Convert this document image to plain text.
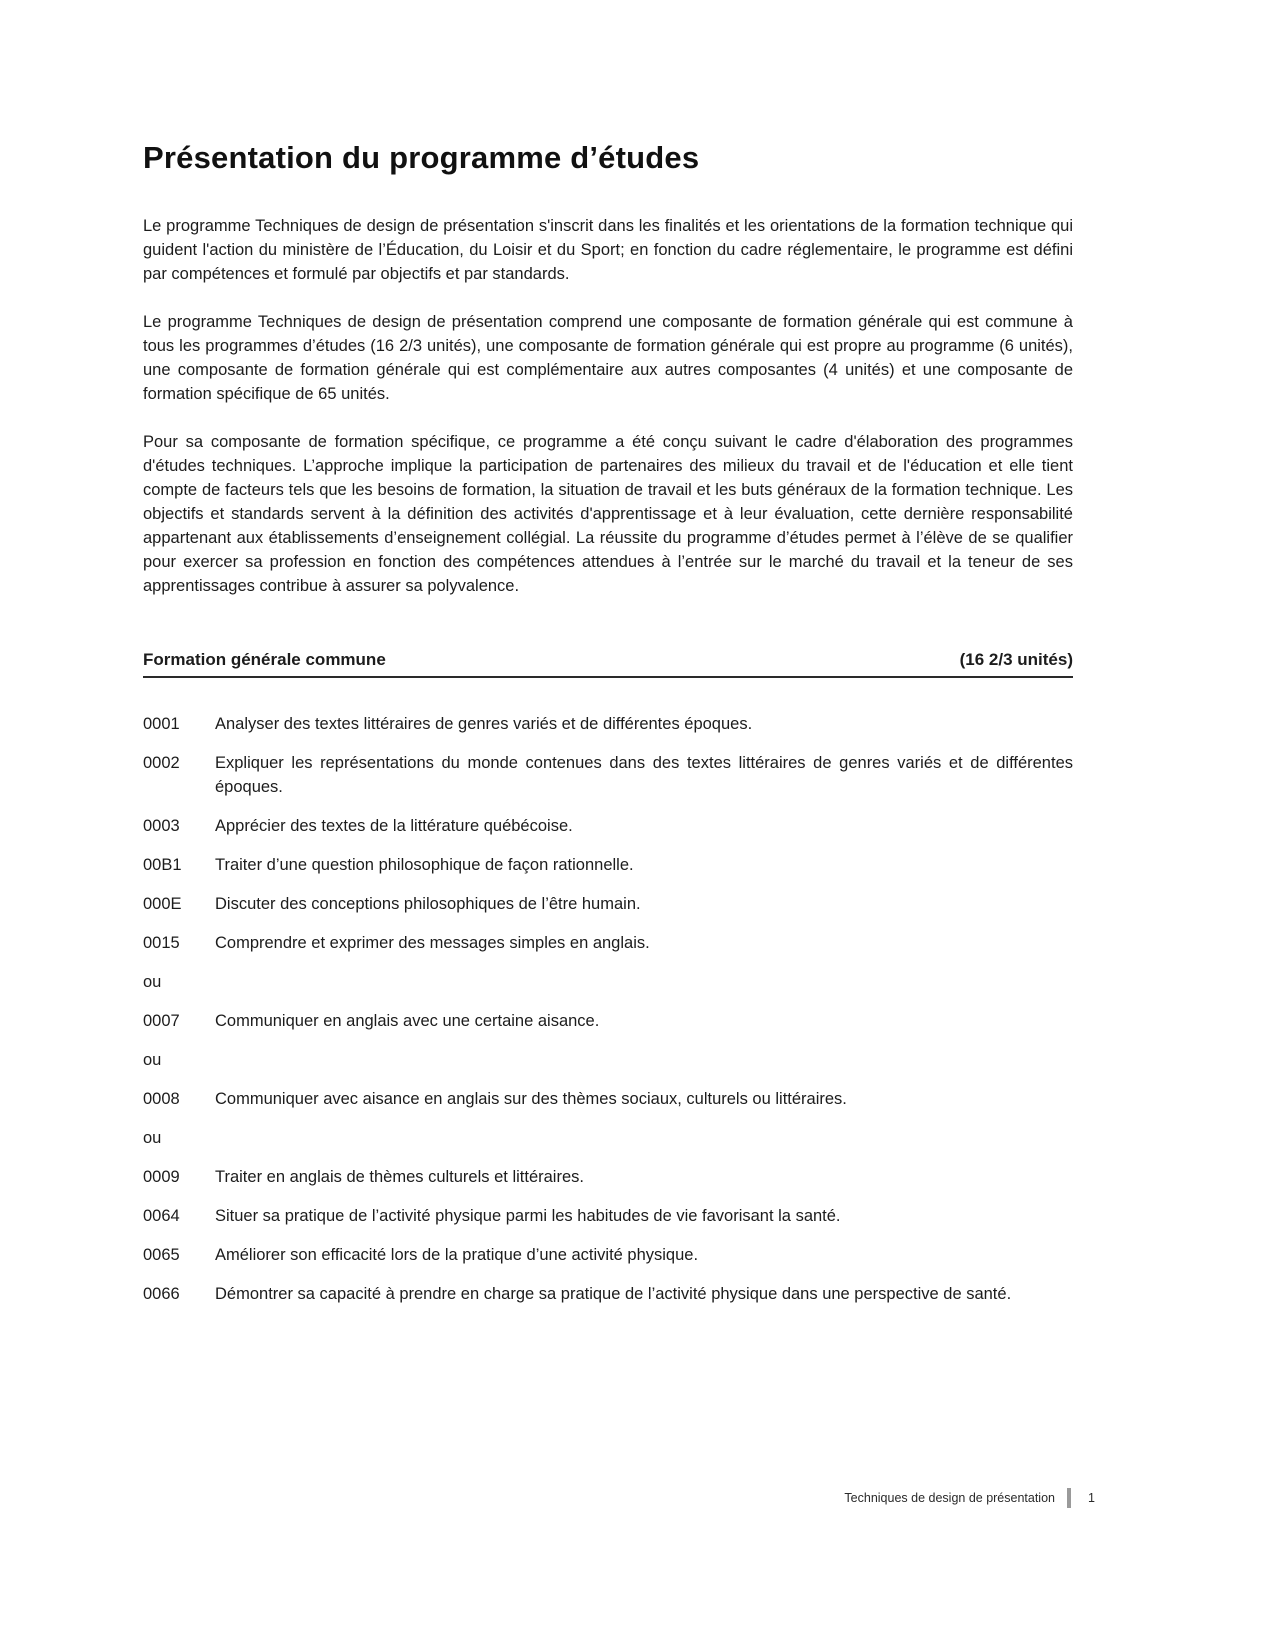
Présentation du programme d’études

Le programme Techniques de design de présentation s'inscrit dans les finalités et les orientations de la formation technique qui guident l'action du ministère de l’Éducation, du Loisir et du Sport; en fonction du cadre réglementaire, le programme est défini par compétences et formulé par objectifs et par standards.

Le programme Techniques de design de présentation comprend une composante de formation générale qui est commune à tous les programmes d’études (16 2/3 unités), une composante de formation générale qui est propre au programme (6 unités), une composante de formation générale qui est complémentaire aux autres composantes (4 unités) et une composante de formation spécifique de 65 unités.

Pour sa composante de formation spécifique, ce programme a été conçu suivant le cadre d'élaboration des programmes d'études techniques. L’approche implique la participation de partenaires des milieux du travail et de l'éducation et elle tient compte de facteurs tels que les besoins de formation, la situation de travail et les buts généraux de la formation technique. Les objectifs et standards servent à la définition des activités d'apprentissage et à leur évaluation, cette dernière responsabilité appartenant aux établissements d’enseignement collégial. La réussite du programme d’études permet à l’élève de se qualifier pour exercer sa profession en fonction des compétences attendues à l’entrée sur le marché du travail et la teneur de ses apprentissages contribue à assurer sa polyvalence.

Formation générale commune	(16 2/3 unités)
0001	Analyser des textes littéraires de genres variés et de différentes époques.
0002	Expliquer les représentations du monde contenues dans des textes littéraires de genres variés et de différentes époques.
0003	Apprécier des textes de la littérature québécoise.
00B1	Traiter d’une question philosophique de façon rationnelle.
000E	Discuter des conceptions philosophiques de l’être humain.
0015	Comprendre et exprimer des messages simples en anglais.
ou
0007	Communiquer en anglais avec une certaine aisance.
ou
0008	Communiquer avec aisance en anglais sur des thèmes sociaux, culturels ou littéraires.
ou
0009	Traiter en anglais de thèmes culturels et littéraires.
0064	Situer sa pratique de l’activité physique parmi les habitudes de vie favorisant la santé.
0065	Améliorer son efficacité lors de la pratique d’une activité physique.
0066	Démontrer sa capacité à prendre en charge sa pratique de l’activité physique dans une perspective de santé.
Techniques de design de présentation	1
